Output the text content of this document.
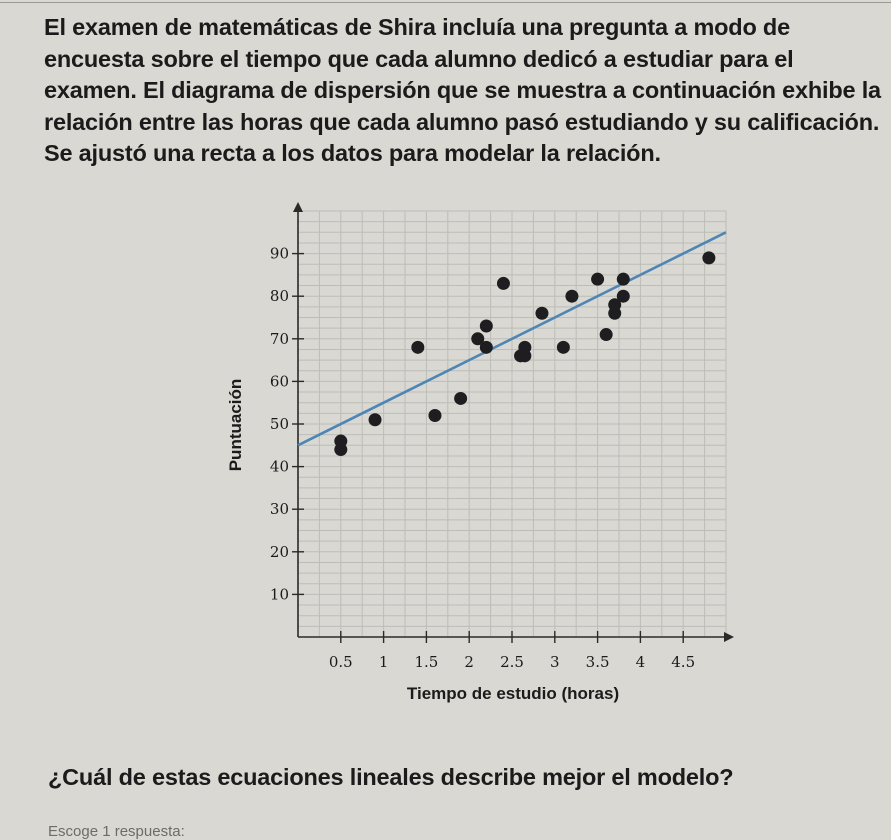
El examen de matemáticas de Shira incluía una pregunta a modo de
encuesta sobre el tiempo que cada alumno dedicó a estudiar para el
examen. El diagrama de dispersión que se muestra a continuación exhibe la
relación entre las horas que cada alumno pasó estudiando y su calificación.
Se ajustó una recta a los datos para modelar la relación.
0.5 1 1.5 2 2.5 3 3.5 4 4.5
10
20
30
40
50
60
70
80
90
Tiempo de estudio (horas)
Puntuación
¿Cuál de estas ecuaciones lineales describe mejor el modelo?
Escoge 1 respuesta:
